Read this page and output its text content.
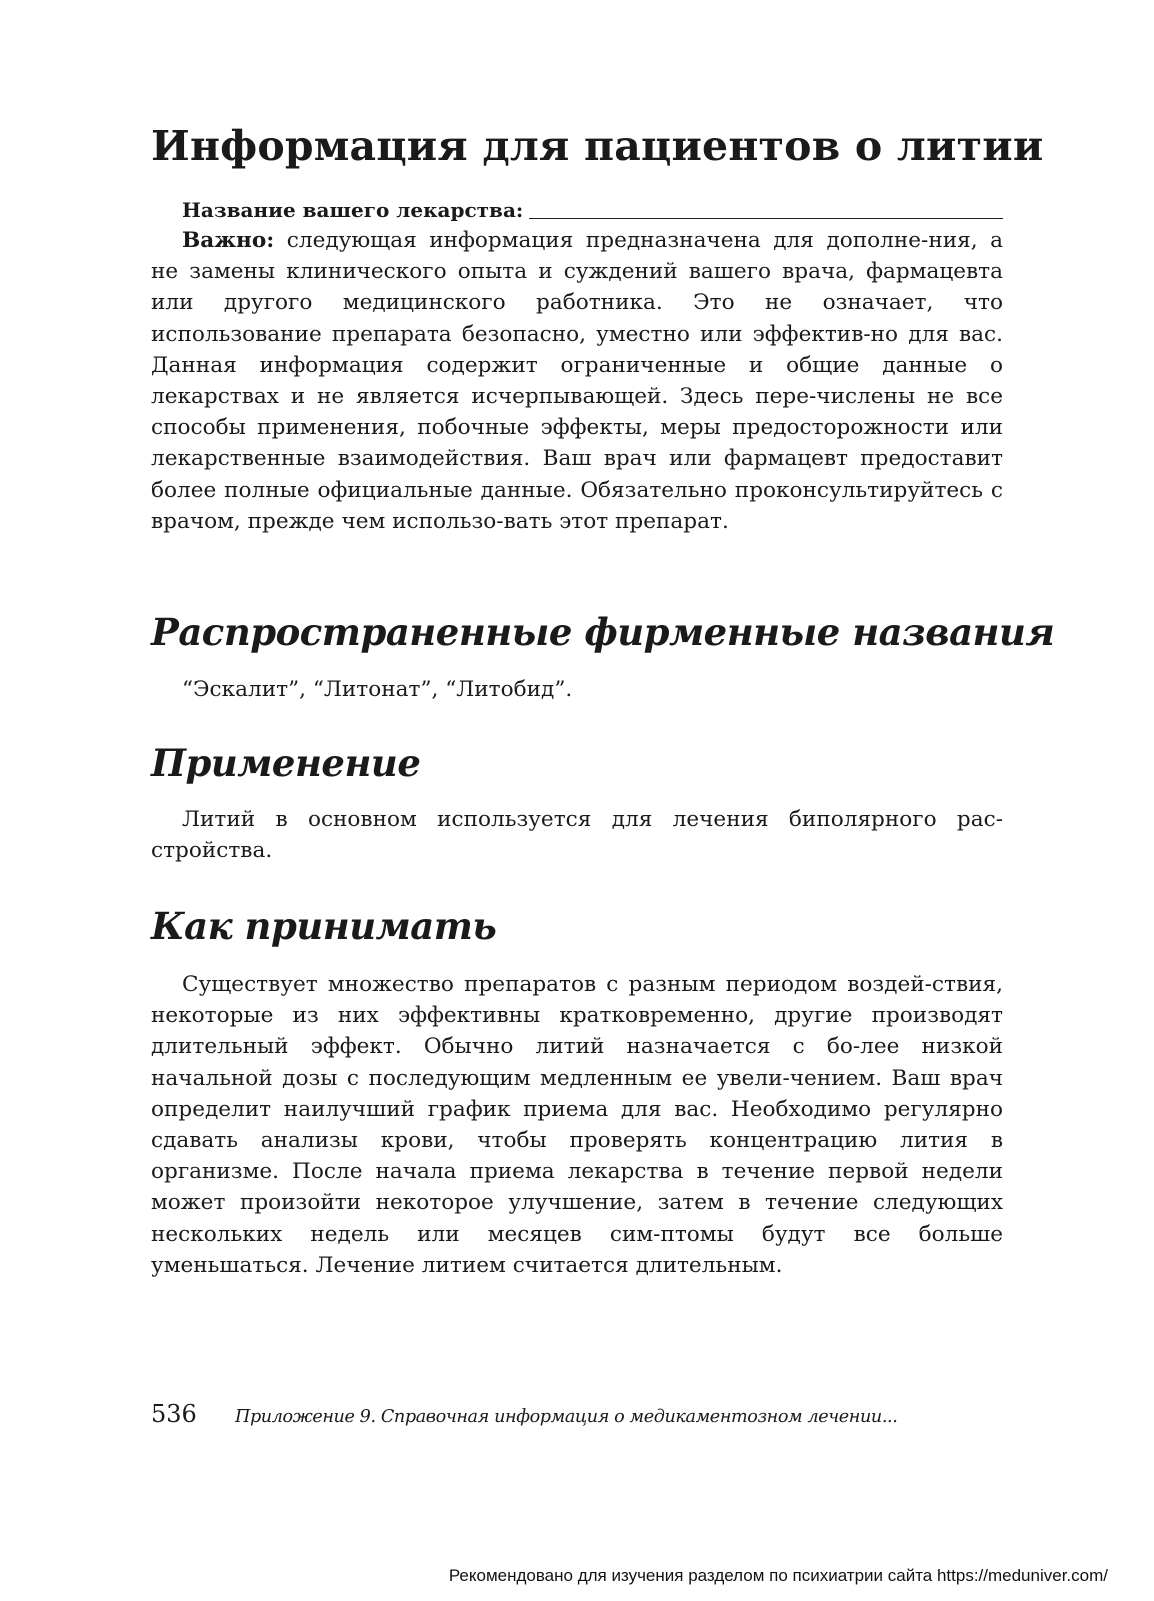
Информация для пациентов о литии
Название вашего лекарства:

Важно: следующая информация предназначена для дополне-ния, а не замены клинического опыта и суждений вашего врача, фармацевта или другого медицинского работника. Это не означает, что использование препарата безопасно, уместно или эффектив-но для вас. Данная информация содержит ограниченные и общие данные о лекарствах и не является исчерпывающей. Здесь пере-числены не все способы применения, побочные эффекты, меры предосторожности или лекарственные взаимодействия. Ваш врач или фармацевт предоставит более полные официальные данные. Обязательно проконсультируйтесь с врачом, прежде чем использо-вать этот препарат.

Распространенные фирменные названия

“Эскалит”, “Литонат”, “Литобид”.

Применение

Литий в основном используется для лечения биполярного рас-стройства.

Как принимать

Существует множество препаратов с разным периодом воздей-ствия, некоторые из них эффективны кратковременно, другие производят длительный эффект. Обычно литий назначается с бо-лее низкой начальной дозы с последующим медленным ее увели-чением. Ваш врач определит наилучший график приема для вас. Необходимо регулярно сдавать анализы крови, чтобы проверять концентрацию лития в организме. После начала приема лекарства в течение первой недели может произойти некоторое улучшение, затем в течение следующих нескольких недель или месяцев сим-птомы будут все больше уменьшаться. Лечение литием считается длительным.

536	Приложение 9. Справочная информация о медикаментозном лечении...
Рекомендовано для изучения разделом по психиатрии сайта https://meduniver.com/
